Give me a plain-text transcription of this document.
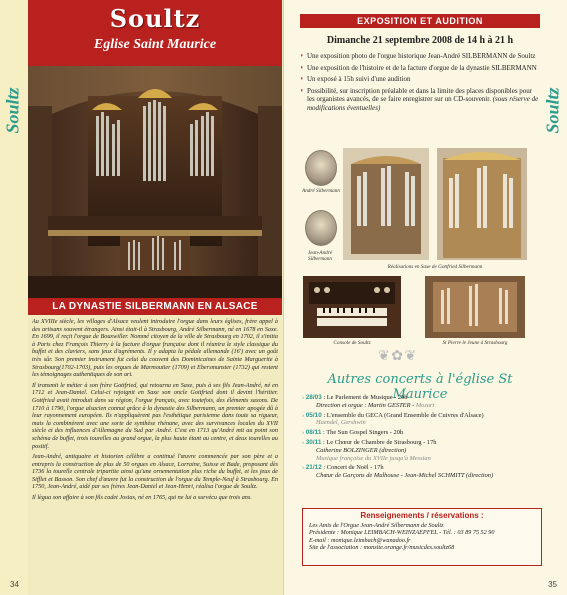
Soultz
Soultz
Eglise Saint Maurice
LA DYNASTIE SILBERMANN EN ALSACE

Au XVIIIe siècle, les villages d'Alsace veulent introduire l'orgue dans leurs églises, frère appel à des artisans souvent étrangers. Ainsi était-il à Strasbourg, André Silbermann, né en 1678 en Saxe. En 1699, il reçit l'orgue de Bouxwiller. Nommé citoyen de la ville de Strasbourg en 1702, il s'initia à Paris chez François Thierry à la facture d'orgue française dont il réunira le style classique du buffet et des claviers, sans jeux d'agréments. Il y adapta la pédale allemande (16') avec un goût très sûr. Son premier instrument fut celui du couvent des Dominicaines de Sainte Marguerite à Strasbourg(1702-1703), puis les orgues de Marmoutier (1709) et Ebersmunster (1732) qui restent les témoignages authentiques de son art.

Il transmit le métier à son frère Gottfried, qui retourna en Saxe, puis à ses fils Jean-André, né en 1712 et Jean-Daniel. Celui-ci rejoignit en Saxe son oncle Gottfried dont il devint l'héritier. Gottfried avait introduit dans sa région, l'orgue français, avec toutefois, des éléments saxons. De 1710 à 1790, l'orgue alsacien connut grâce à la dynastie des Silbermann, un premier apogée dû à leur rayonnement européen. Ils n'appliquèrent pas l'esthétique parisienne dans toute sa rigueur, mais la combinèrent avec une sorte de synthèse rhénane, avec des survivances locales du XVII siècle et des influences d'Allemagne du Sud par André. C'est en 1713 qu'André mit au point son schéma de buffet, trois tourelles au grand orgue, la plus haute étant au centre, et deux tourelles au positif.

Jean-André, antiquaire et historien célèbre a continué l'œuvre commencée par son père et a entrepris la construction de plus de 50 orgues en Alsace, Lorraine, Suisse et Bade, proposant dès 1736 la tourelle centrale tripartite ainsi qu'une ornementation plus riche du buffet, et les jeux de Sifflet et Basson. Son chef d'œuvre fut la construction de l'orgue du Temple-Neuf à Strasbourg. En 1750, Jean-André, aidé par ses frères Jean-Daniel et Jean-Henri, réalisa l'orgue de Soultz.

Il lègua son affaire à son fils cadet Josias, né en 1765, qui ne lui a survécu que trois ans.

34
Soultz
EXPOSITION ET AUDITION
Dimanche 21 septembre 2008 de 14 h à 21 h
◗ Une exposition photo de l'orgue historique Jean-André SILBERMANN de Soultz
◗ Une exposition de l'histoire et de la facture d'orgue de la dynastie SILBERMANN
◗ Un exposé à 15h suivi d'une audition
◗ Possibilité, sur inscription préalable et dans la limite des places disponibles pour les organistes avancés, de se faire enregistrer sur un CD-souvenir. (sous réserve de modifications éventuelles)
André Silbermann
Jean-André Silbermann
Réalisations en Saxe de Gottfried Silbermann
Console de Soultz	St Pierre le Jeune à Strasbourg
❦ ✿ ❦
Autres concerts à l'église St Maurice
› 28/03 : Le Parlement de Musique - 20h
Direction et orgue : Martin GESTER - Mozart
› 05/10 : L'ensemble du GECA (Grand Ensemble de Cuivres d'Alsace)
Haendel, Gershwin
› 08/11 : The Sun Gospel Singers - 20h
› 30/11 : Le Chœur de Chambre de Strasbourg - 17h
Catherine BOLZINGER (direction)
Musique française du XVIIe jusqu'à Messian
› 21/12 : Concert de Noël - 17h
Chœur de Garçons de Mulhouse - Jean-Michel SCHMITT (direction)
Renseignements / réservations :
Les Amis de l'Orgue Jean-André Silbermann de Soultz
Présidente : Monique LEIMBACH-WEINZAEPFEL - Tél. : 03 89 75 52 90
E-mail : monique.leimbach@wanadoo.fr
Site de l'association : monsite.orange.fr/musicdes.soultz68
35
